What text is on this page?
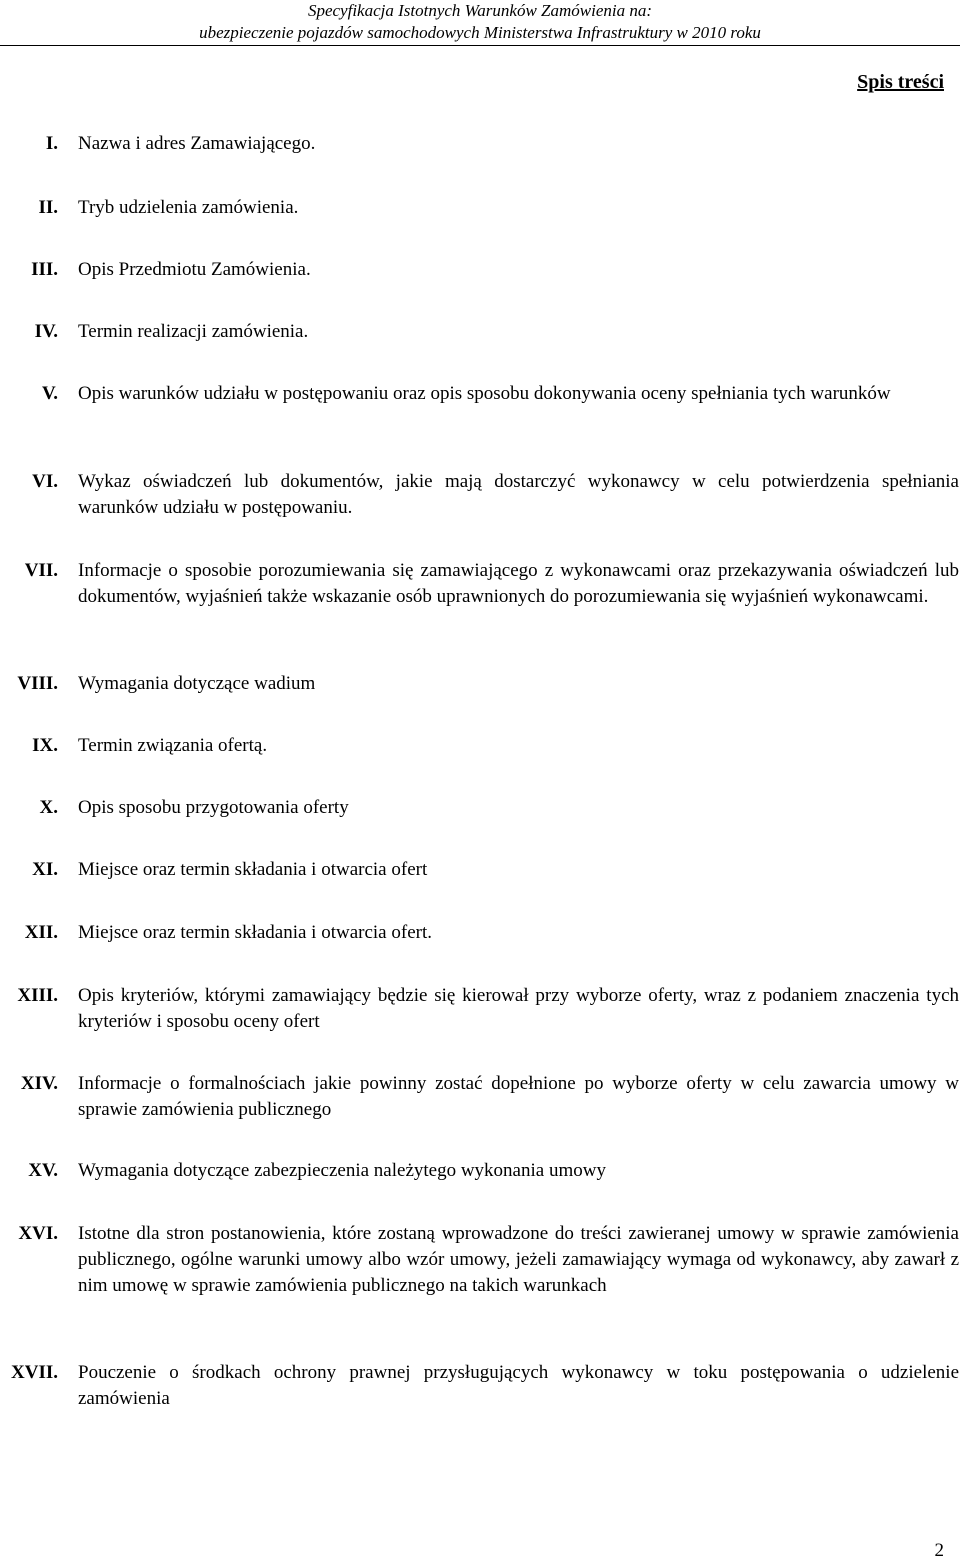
Specyfikacja Istotnych Warunków Zamówienia na:
ubezpieczenie pojazdów samochodowych Ministerstwa Infrastruktury w 2010 roku
Spis treści
I. Nazwa i adres Zamawiającego.
II. Tryb udzielenia zamówienia.
III. Opis Przedmiotu Zamówienia.
IV. Termin realizacji zamówienia.
V. Opis warunków udziału w postępowaniu oraz opis sposobu dokonywania oceny spełniania tych warunków
VI. Wykaz oświadczeń lub dokumentów, jakie mają dostarczyć wykonawcy w celu potwierdzenia spełniania warunków udziału w postępowaniu.
VII. Informacje o sposobie porozumiewania się zamawiającego z wykonawcami oraz przekazywania oświadczeń lub dokumentów, wyjaśnień także wskazanie osób uprawnionych do porozumiewania się wyjaśnień wykonawcami.
VIII. Wymagania dotyczące wadium
IX. Termin związania ofertą.
X. Opis sposobu przygotowania oferty
XI. Miejsce oraz termin składania i otwarcia ofert
XII. Miejsce oraz termin składania i otwarcia ofert.
XIII. Opis kryteriów, którymi zamawiający będzie się kierował przy wyborze oferty, wraz z podaniem znaczenia tych kryteriów i sposobu oceny ofert
XIV. Informacje o formalnościach jakie powinny zostać dopełnione po wyborze oferty w celu zawarcia umowy w sprawie zamówienia publicznego
XV. Wymagania dotyczące zabezpieczenia należytego wykonania umowy
XVI. Istotne dla stron postanowienia, które zostaną wprowadzone do treści zawieranej umowy w sprawie zamówienia publicznego, ogólne warunki umowy albo wzór umowy, jeżeli zamawiający wymaga od wykonawcy, aby zawarł z nim umowę w sprawie zamówienia publicznego na takich warunkach
XVII. Pouczenie o środkach ochrony prawnej przysługujących wykonawcy w toku postępowania o udzielenie zamówienia
2
